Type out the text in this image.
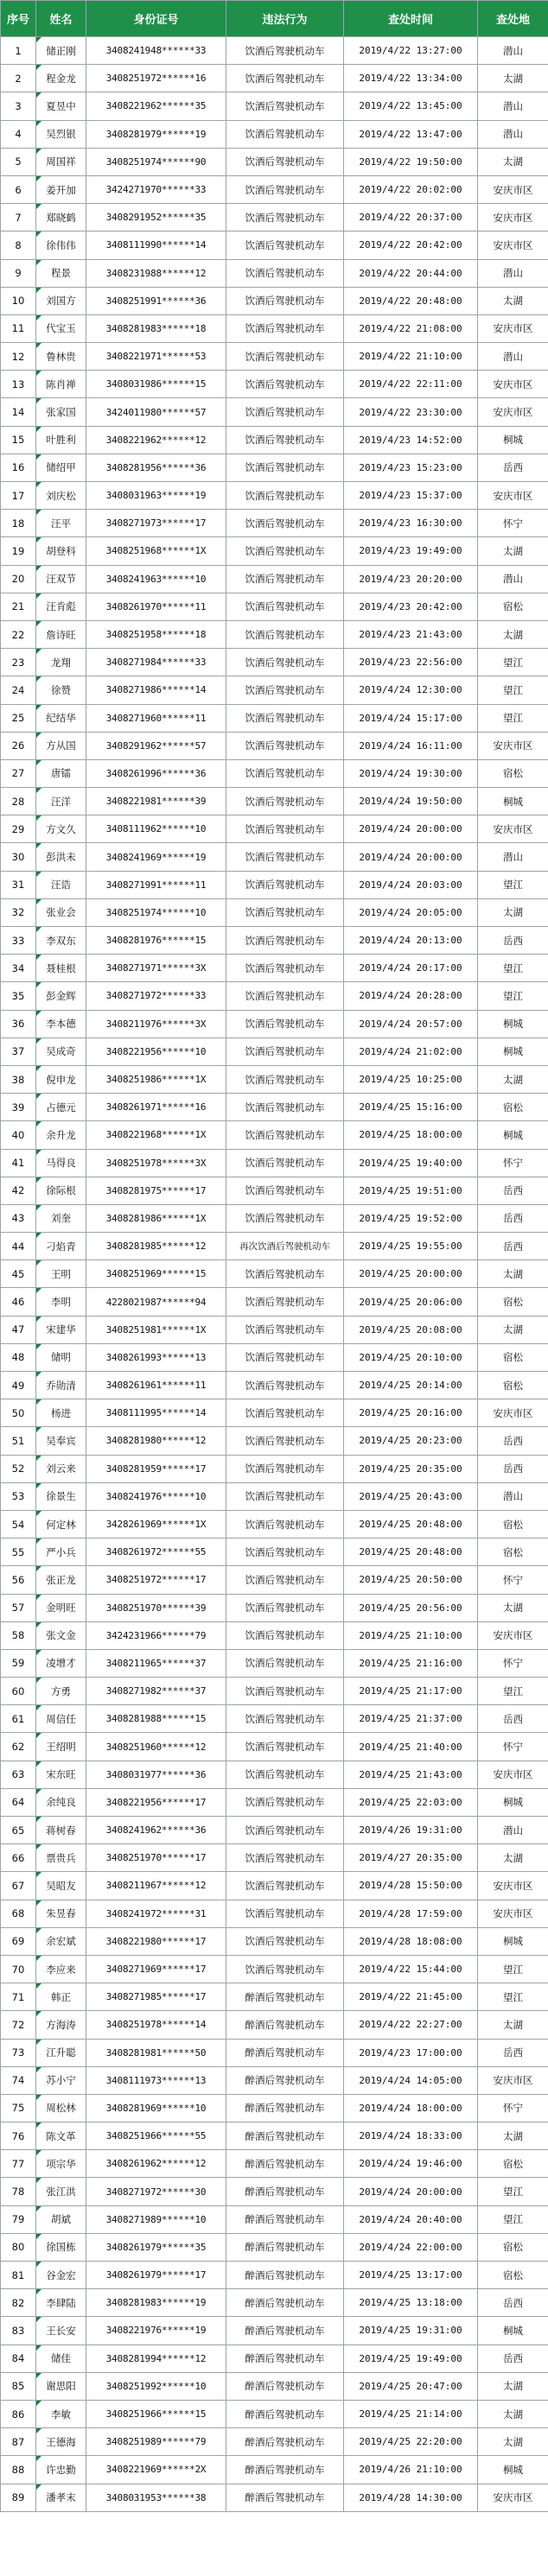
序号	姓名	身份证号	违法行为	查处时间	查处地
1	储正刚	3408241948******33	饮酒后驾驶机动车	2019/4/22 13:27:00	潜山
2	程金龙	3408251972******16	饮酒后驾驶机动车	2019/4/22 13:34:00	太湖
3	夏昱中	3408221962******35	饮酒后驾驶机动车	2019/4/22 13:45:00	潜山
4	吴烈银	3408281979******19	饮酒后驾驶机动车	2019/4/22 13:47:00	潜山
5	周国祥	3408251974******90	饮酒后驾驶机动车	2019/4/22 19:50:00	太湖
6	姜开加	3424271970******33	饮酒后驾驶机动车	2019/4/22 20:02:00	安庆市区
7	郑晓鹤	3408291952******35	饮酒后驾驶机动车	2019/4/22 20:37:00	安庆市区
8	徐伟伟	3408111990******14	饮酒后驾驶机动车	2019/4/22 20:42:00	安庆市区
9	程景	3408231988******12	饮酒后驾驶机动车	2019/4/22 20:44:00	潜山
10	刘国方	3408251991******36	饮酒后驾驶机动车	2019/4/22 20:48:00	太湖
11	代宝玉	3408281983******18	饮酒后驾驶机动车	2019/4/22 21:08:00	安庆市区
12	鲁林贵	3408221971******53	饮酒后驾驶机动车	2019/4/22 21:10:00	潜山
13	陈肖禅	3408031986******15	饮酒后驾驶机动车	2019/4/22 22:11:00	安庆市区
14	张家国	3424011980******57	饮酒后驾驶机动车	2019/4/22 23:30:00	安庆市区
15	叶胜利	3408221962******12	饮酒后驾驶机动车	2019/4/23 14:52:00	桐城
16	储绍甲	3408281956******36	饮酒后驾驶机动车	2019/4/23 15:23:00	岳西
17	刘庆松	3408031963******19	饮酒后驾驶机动车	2019/4/23 15:37:00	安庆市区
18	汪平	3408271973******17	饮酒后驾驶机动车	2019/4/23 16:30:00	怀宁
19	胡登科	3408251968******1X	饮酒后驾驶机动车	2019/4/23 19:49:00	太湖
20	汪双节	3408241963******10	饮酒后驾驶机动车	2019/4/23 20:20:00	潜山
21	汪肯彪	3408261970******11	饮酒后驾驶机动车	2019/4/23 20:42:00	宿松
22	詹诗旺	3408251958******18	饮酒后驾驶机动车	2019/4/23 21:43:00	太湖
23	龙翔	3408271984******33	饮酒后驾驶机动车	2019/4/23 22:56:00	望江
24	徐赞	3408271986******14	饮酒后驾驶机动车	2019/4/24 12:30:00	望江
25	纪结华	3408271960******11	饮酒后驾驶机动车	2019/4/24 15:17:00	望江
26	方从国	3408291962******57	饮酒后驾驶机动车	2019/4/24 16:11:00	安庆市区
27	唐镭	3408261996******36	饮酒后驾驶机动车	2019/4/24 19:30:00	宿松
28	汪洋	3408221981******39	饮酒后驾驶机动车	2019/4/24 19:50:00	桐城
29	方文久	3408111962******10	饮酒后驾驶机动车	2019/4/24 20:00:00	安庆市区
30	彭洪未	3408241969******19	饮酒后驾驶机动车	2019/4/24 20:00:00	潜山
31	汪诰	3408271991******11	饮酒后驾驶机动车	2019/4/24 20:03:00	望江
32	张业会	3408251974******10	饮酒后驾驶机动车	2019/4/24 20:05:00	太湖
33	李双东	3408281976******15	饮酒后驾驶机动车	2019/4/24 20:13:00	岳西
34	聂桂根	3408271971******3X	饮酒后驾驶机动车	2019/4/24 20:17:00	望江
35	彭金辉	3408271972******33	饮酒后驾驶机动车	2019/4/24 20:28:00	望江
36	李本德	3408211976******3X	饮酒后驾驶机动车	2019/4/24 20:57:00	桐城
37	吴成奇	3408221956******10	饮酒后驾驶机动车	2019/4/24 21:02:00	桐城
38	倪申龙	3408251986******1X	饮酒后驾驶机动车	2019/4/25 10:25:00	太湖
39	占德元	3408261971******16	饮酒后驾驶机动车	2019/4/25 15:16:00	宿松
40	余升龙	3408221968******1X	饮酒后驾驶机动车	2019/4/25 18:00:00	桐城
41	马得良	3408251978******3X	饮酒后驾驶机动车	2019/4/25 19:40:00	怀宁
42	徐际根	3408281975******17	饮酒后驾驶机动车	2019/4/25 19:51:00	岳西
43	刘奎	3408281986******1X	饮酒后驾驶机动车	2019/4/25 19:52:00	岳西
44	刁焰青	3408281985******12	再次饮酒后驾驶机动车	2019/4/25 19:55:00	岳西
45	王明	3408251969******15	饮酒后驾驶机动车	2019/4/25 20:00:00	太湖
46	李明	4228021987******94	饮酒后驾驶机动车	2019/4/25 20:06:00	宿松
47	宋建华	3408251981******1X	饮酒后驾驶机动车	2019/4/25 20:08:00	太湖
48	储明	3408261993******13	饮酒后驾驶机动车	2019/4/25 20:10:00	宿松
49	乔勋清	3408261961******11	饮酒后驾驶机动车	2019/4/25 20:14:00	宿松
50	杨进	3408111995******14	饮酒后驾驶机动车	2019/4/25 20:16:00	安庆市区
51	吴奉宾	3408281980******12	饮酒后驾驶机动车	2019/4/25 20:23:00	岳西
52	刘云来	3408281959******17	饮酒后驾驶机动车	2019/4/25 20:35:00	岳西
53	徐景生	3408241976******10	饮酒后驾驶机动车	2019/4/25 20:43:00	潜山
54	何定林	3428261969******1X	饮酒后驾驶机动车	2019/4/25 20:48:00	宿松
55	严小兵	3408261972******55	饮酒后驾驶机动车	2019/4/25 20:48:00	宿松
56	张正龙	3408251972******17	饮酒后驾驶机动车	2019/4/25 20:50:00	怀宁
57	金明旺	3408251970******39	饮酒后驾驶机动车	2019/4/25 20:56:00	太湖
58	张文金	3424231966******79	饮酒后驾驶机动车	2019/4/25 21:10:00	安庆市区
59	凌增才	3408211965******37	饮酒后驾驶机动车	2019/4/25 21:16:00	怀宁
60	方勇	3408271982******37	饮酒后驾驶机动车	2019/4/25 21:17:00	望江
61	周信任	3408281988******15	饮酒后驾驶机动车	2019/4/25 21:37:00	岳西
62	王绍明	3408251960******12	饮酒后驾驶机动车	2019/4/25 21:40:00	怀宁
63	宋东旺	3408031977******36	饮酒后驾驶机动车	2019/4/25 21:43:00	安庆市区
64	余纯良	3408221956******17	饮酒后驾驶机动车	2019/4/25 22:03:00	桐城
65	蒋树春	3408241962******36	饮酒后驾驶机动车	2019/4/26 19:31:00	潜山
66	票贵兵	3408251970******17	饮酒后驾驶机动车	2019/4/27 20:35:00	太湖
67	吴昭友	3408211967******12	饮酒后驾驶机动车	2019/4/28 15:50:00	安庆市区
68	朱昱春	3408241972******31	饮酒后驾驶机动车	2019/4/28 17:59:00	安庆市区
69	余宏斌	3408221980******17	饮酒后驾驶机动车	2019/4/28 18:08:00	桐城
70	李应来	3408271969******17	饮酒后驾驶机动车	2019/4/22 15:44:00	望江
71	韩正	3408271985******17	醉酒后驾驶机动车	2019/4/22 21:45:00	望江
72	方海涛	3408251978******14	醉酒后驾驶机动车	2019/4/22 22:27:00	太湖
73	江升聪	3408281981******50	醉酒后驾驶机动车	2019/4/23 17:00:00	岳西
74	苏小宁	3408111973******13	醉酒后驾驶机动车	2019/4/24 14:05:00	安庆市区
75	周松林	3408281969******10	醉酒后驾驶机动车	2019/4/24 18:00:00	怀宁
76	陈文革	3408251966******55	醉酒后驾驶机动车	2019/4/24 18:33:00	太湖
77	项宗华	3408261962******12	醉酒后驾驶机动车	2019/4/24 19:46:00	宿松
78	张江洪	3408271972******30	醉酒后驾驶机动车	2019/4/24 20:00:00	望江
79	胡斌	3408271989******10	醉酒后驾驶机动车	2019/4/24 20:40:00	望江
80	徐国栋	3408261979******35	醉酒后驾驶机动车	2019/4/24 22:00:00	宿松
81	谷金宏	3408261979******17	醉酒后驾驶机动车	2019/4/25 13:17:00	宿松
82	李肆陆	3408281983******19	醉酒后驾驶机动车	2019/4/25 13:18:00	岳西
83	王长安	3408221976******19	醉酒后驾驶机动车	2019/4/25 19:31:00	桐城
84	储佳	3408281994******12	醉酒后驾驶机动车	2019/4/25 19:49:00	岳西
85	谢思阳	3408251992******10	醉酒后驾驶机动车	2019/4/25 20:47:00	太湖
86	李敏	3408251966******15	醉酒后驾驶机动车	2019/4/25 21:14:00	太湖
87	王德海	3408251989******79	醉酒后驾驶机动车	2019/4/25 22:20:00	太湖
88	许忠勤	3408221969******2X	醉酒后驾驶机动车	2019/4/26 21:10:00	桐城
89	潘孝末	3408031953******38	醉酒后驾驶机动车	2019/4/28 14:30:00	安庆市区
